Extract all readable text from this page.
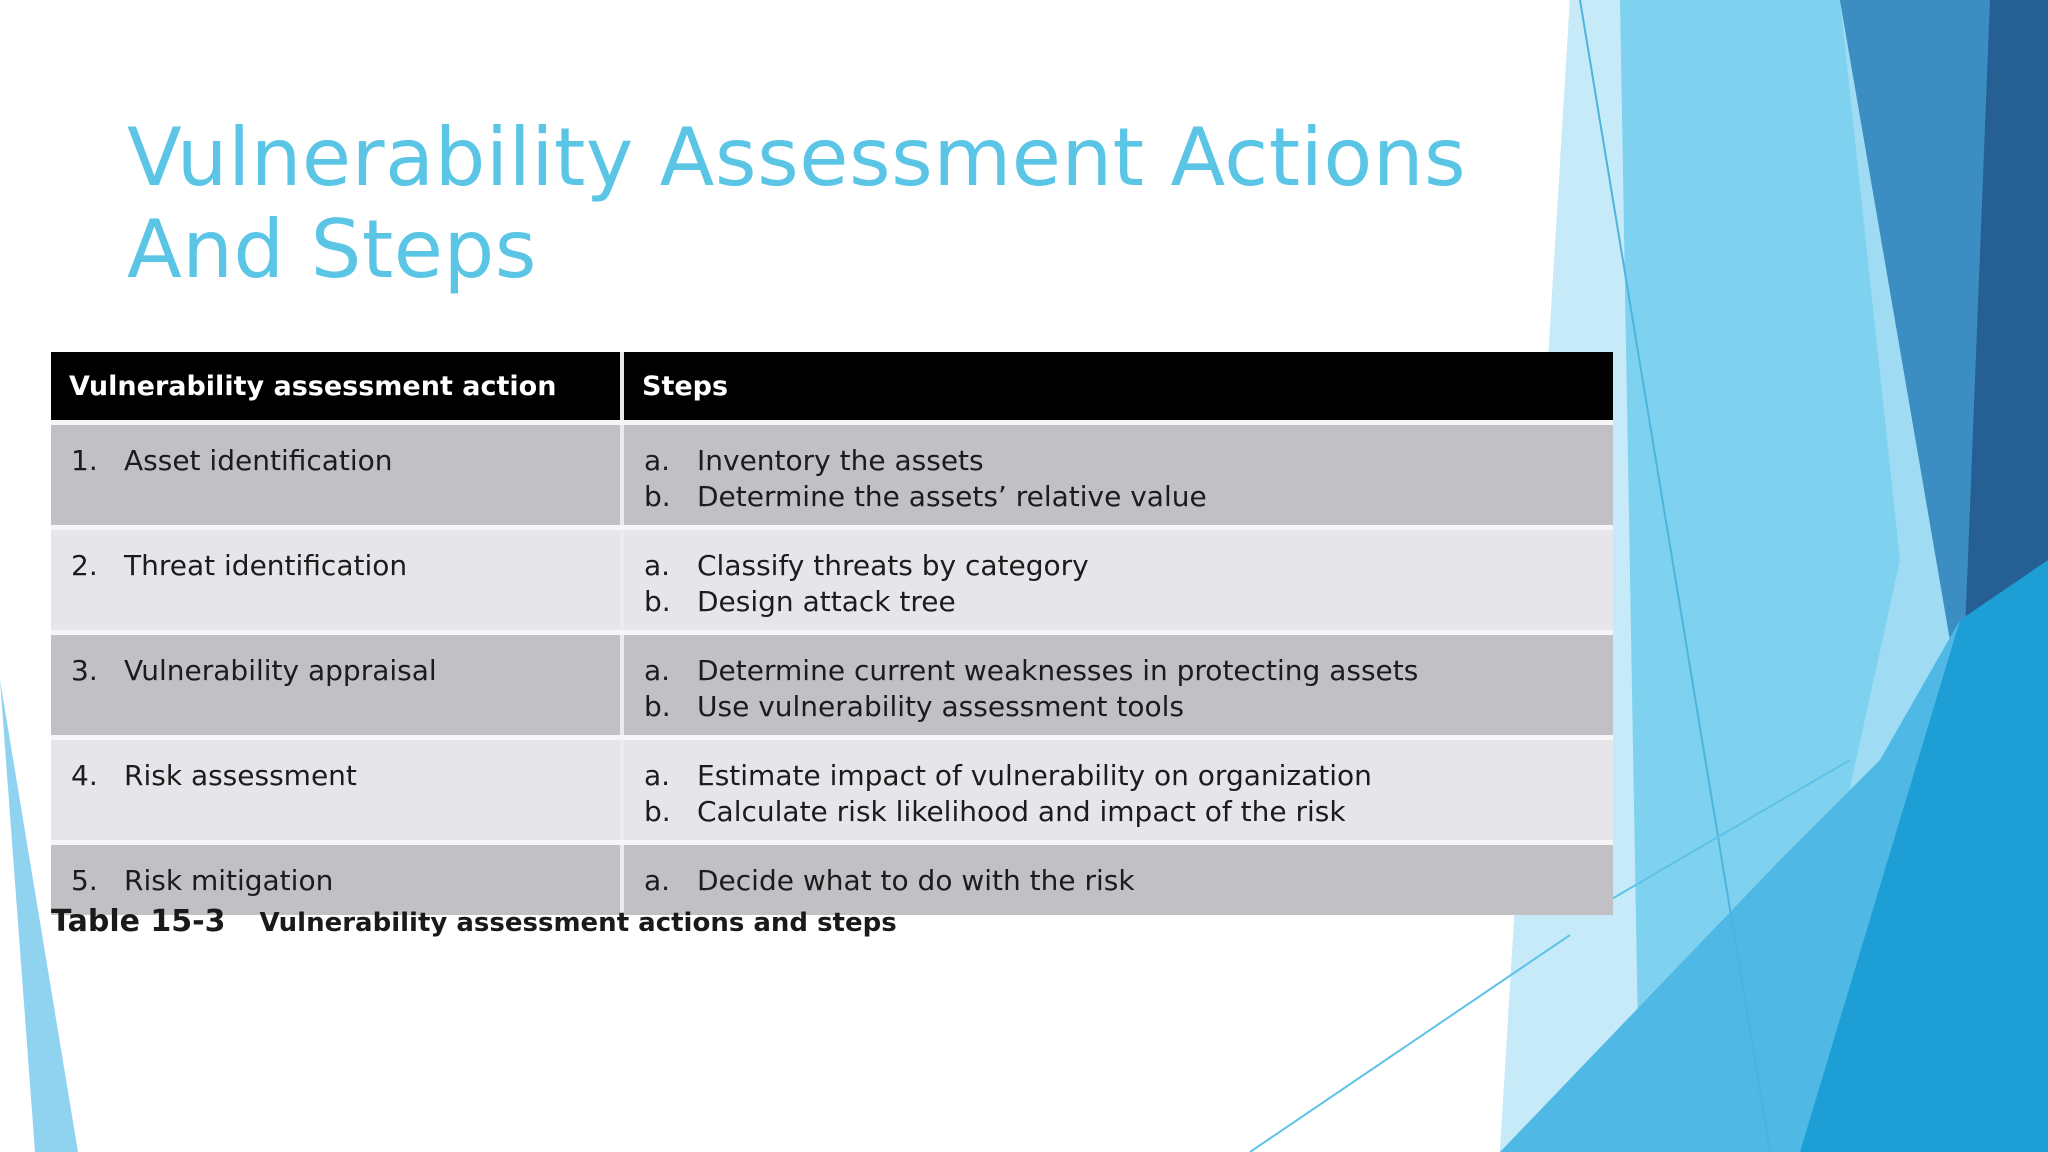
Vulnerability Assessment Actions And Steps
Vulnerability assessment action	Steps
1. Asset identification	a. Inventory the assets
b. Determine the assets’ relative value

2. Threat identification	a. Classify threats by category
b. Design attack tree

3. Vulnerability appraisal	a. Determine current weaknesses in protecting assets
b. Use vulnerability assessment tools

4. Risk assessment	a. Estimate impact of vulnerability on organization
b. Calculate risk likelihood and impact of the risk

5. Risk mitigation	a. Decide what to do with the risk
Table 15-3 Vulnerability assessment actions and steps
